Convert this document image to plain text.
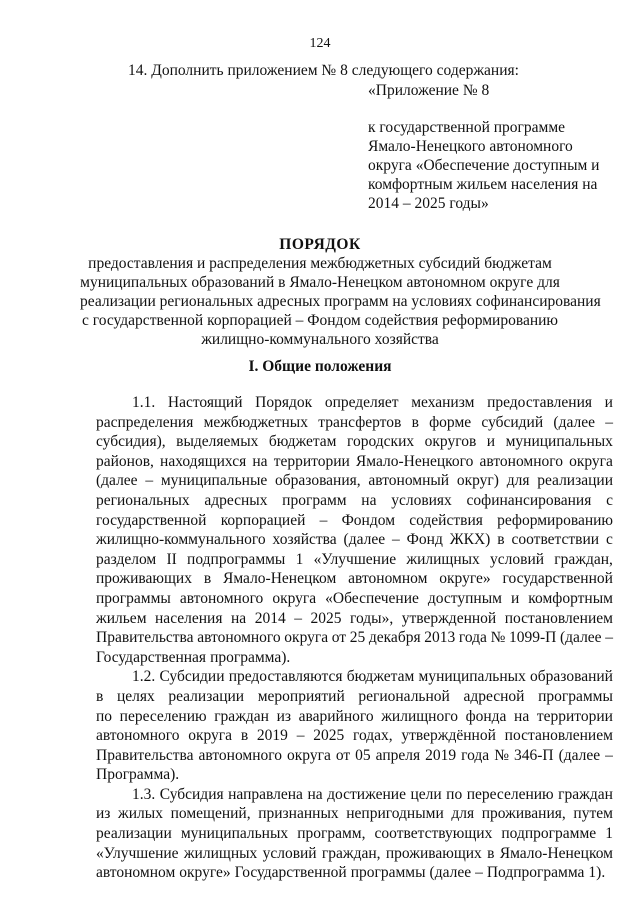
124
14. Дополнить приложением № 8 следующего содержания:
«Приложение № 8
к государственной программе
Ямало-Ненецкого автономного
округа «Обеспечение доступным и
комфортным жильем населения на
2014 – 2025 годы»
ПОРЯДОК
предоставления и распределения межбюджетных субсидий бюджетам
муниципальных образований в Ямало-Ненецком автономном округе для
реализации региональных адресных программ на условиях софинансирования
с государственной корпорацией – Фондом содействия реформированию
жилищно-коммунального хозяйства
I. Общие положения
1.1. Настоящий Порядок определяет механизм предоставления и
распределения межбюджетных трансфертов в форме субсидий (далее –
субсидия), выделяемых бюджетам городских округов и муниципальных
районов, находящихся на территории Ямало-Ненецкого автономного округа
(далее – муниципальные образования, автономный округ) для реализации
региональных адресных программ на условиях софинансирования с
государственной корпорацией – Фондом содействия реформированию
жилищно-коммунального хозяйства (далее – Фонд ЖКХ) в соответствии с
разделом II подпрограммы 1 «Улучшение жилищных условий граждан,
проживающих в Ямало-Ненецком автономном округе» государственной
программы автономного округа «Обеспечение доступным и комфортным
жильем населения на 2014 – 2025 годы», утвержденной постановлением
Правительства автономного округа от 25 декабря 2013 года № 1099-П (далее –
Государственная программа).
1.2. Субсидии предоставляются бюджетам муниципальных образований
в целях реализации мероприятий региональной адресной программы
по переселению граждан из аварийного жилищного фонда на территории
автономного округа в 2019 – 2025 годах, утверждённой постановлением
Правительства автономного округа от 05 апреля 2019 года № 346-П (далее –
Программа).
1.3. Субсидия направлена на достижение цели по переселению граждан
из жилых помещений, признанных непригодными для проживания, путем
реализации муниципальных программ, соответствующих подпрограмме 1
«Улучшение жилищных условий граждан, проживающих в Ямало-Ненецком
автономном округе» Государственной программы (далее – Подпрограмма 1).
